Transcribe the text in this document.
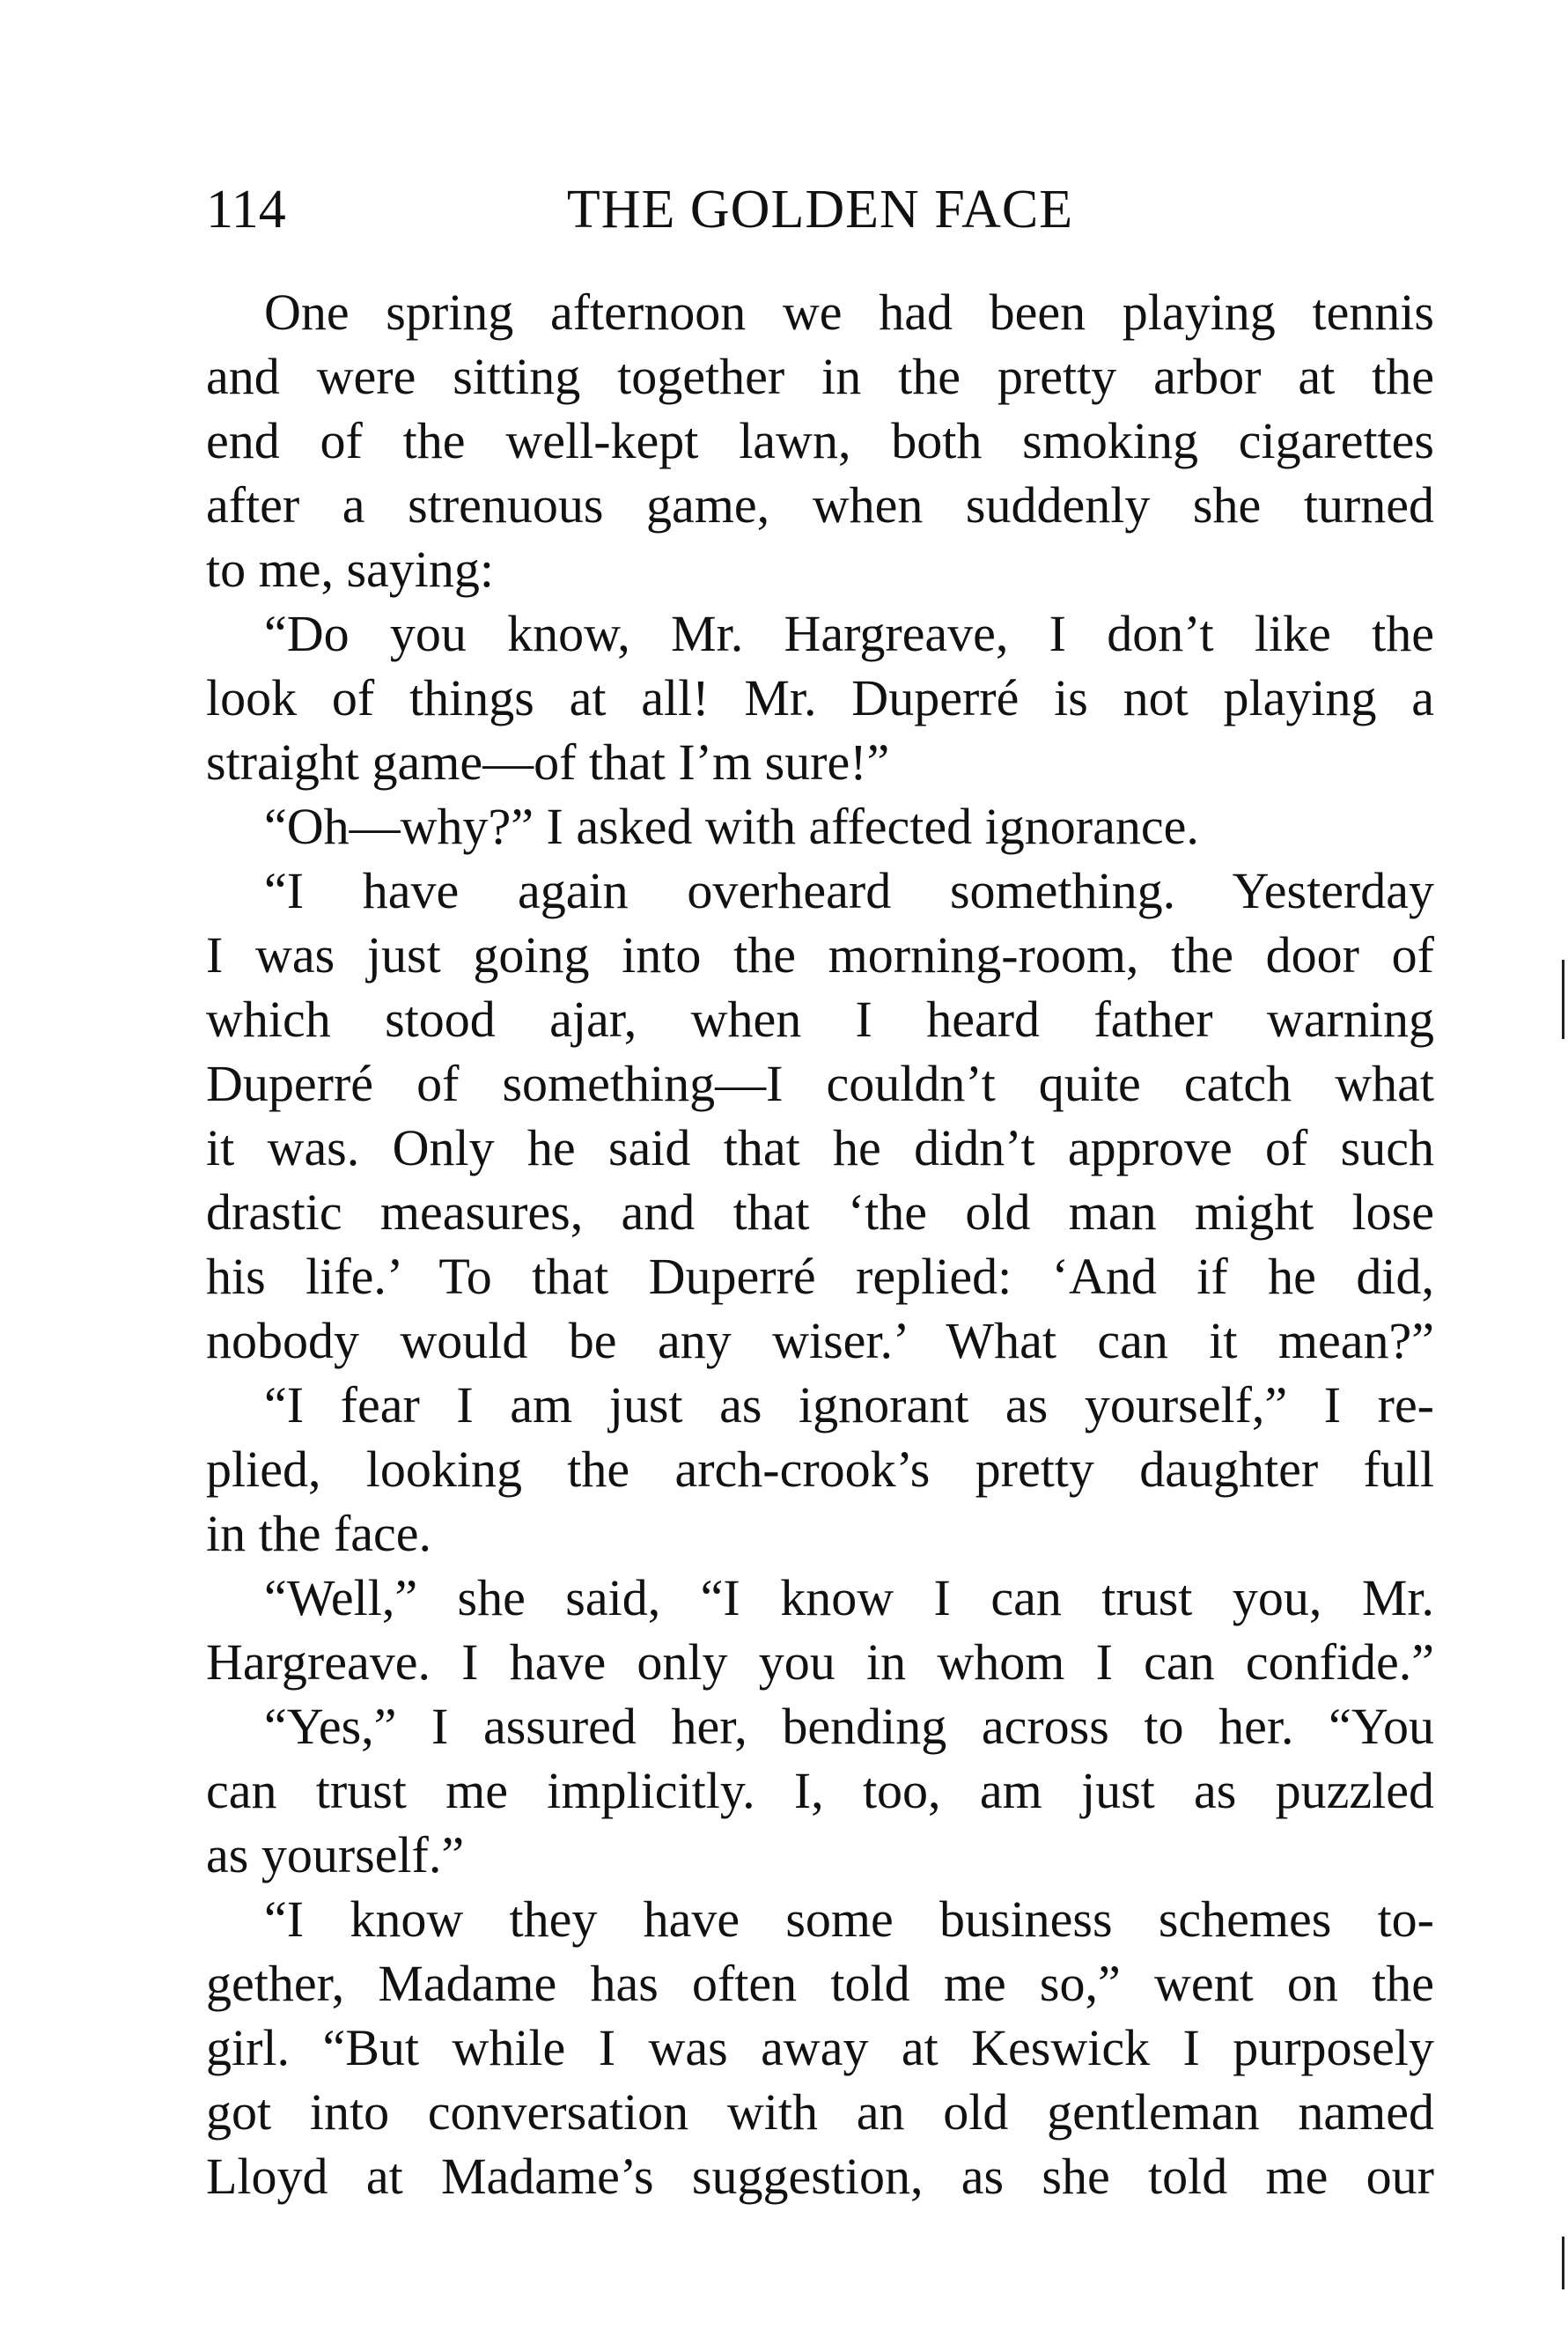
114	THE GOLDEN FACE
One spring afternoon we had been playing tennis
and were sitting together in the pretty arbor at the
end of the well-kept lawn, both smoking cigarettes
after a strenuous game, when suddenly she turned
to me, saying:
“Do you know, Mr. Hargreave, I don’t like the
look of things at all! Mr. Duperré is not playing a
straight game—of that I’m sure!”
“Oh—why?” I asked with affected ignorance.
“I have again overheard something. Yesterday
I was just going into the morning-room, the door of
which stood ajar, when I heard father warning
Duperré of something—I couldn’t quite catch what
it was. Only he said that he didn’t approve of such
drastic measures, and that ‘the old man might lose
his life.’ To that Duperré replied: ‘And if he did,
nobody would be any wiser.’ What can it mean?”
“I fear I am just as ignorant as yourself,” I re-
plied, looking the arch-crook’s pretty daughter full
in the face.
“Well,” she said, “I know I can trust you, Mr.
Hargreave. I have only you in whom I can confide.”
“Yes,” I assured her, bending across to her. “You
can trust me implicitly. I, too, am just as puzzled
as yourself.”
“I know they have some business schemes to-
gether, Madame has often told me so,” went on the
girl. “But while I was away at Keswick I purposely
got into conversation with an old gentleman named
Lloyd at Madame’s suggestion, as she told me our
